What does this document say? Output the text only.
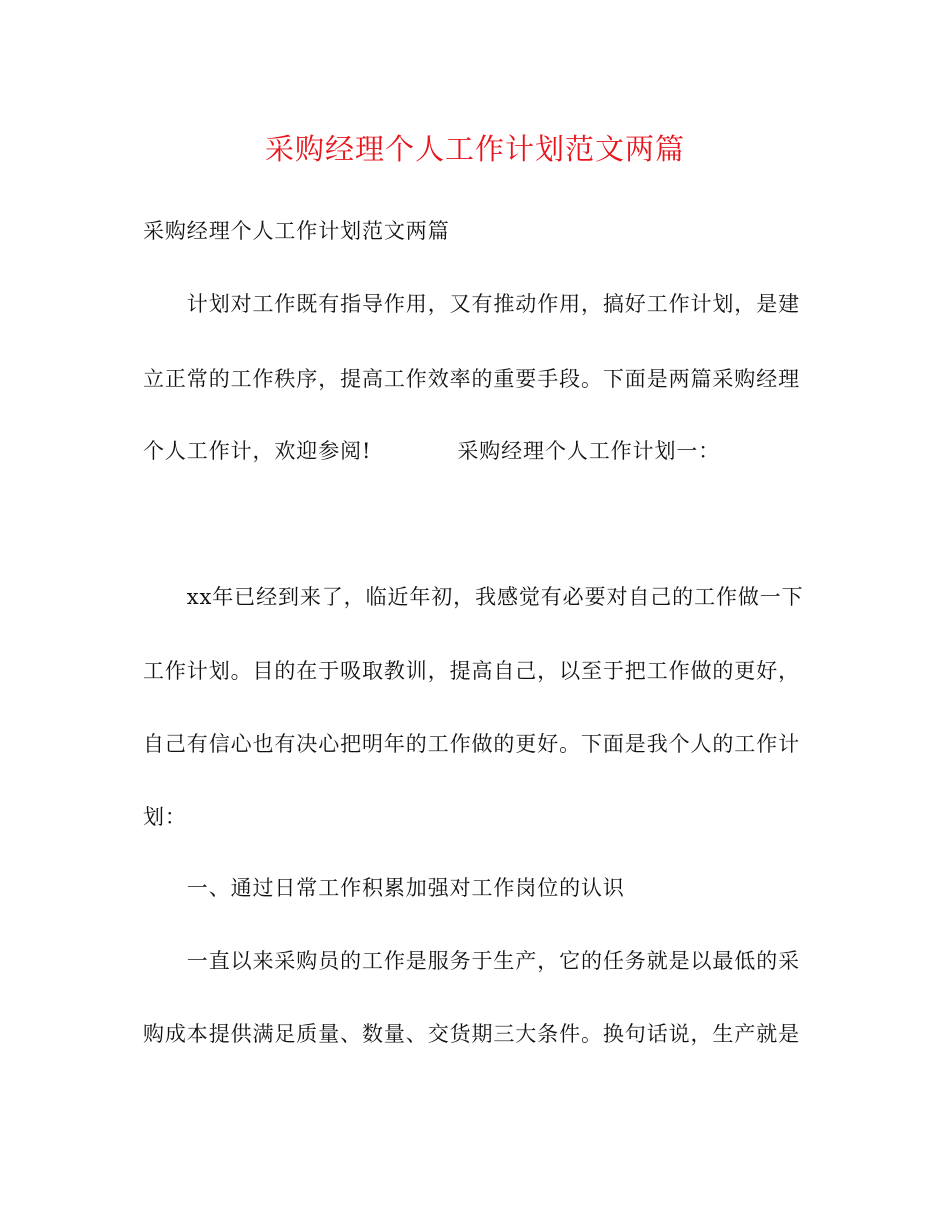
采购经理个人工作计划范文两篇
采购经理个人工作计划范文两篇
　　计划对工作既有指导作用，又有推动作用，搞好工作计划，是建
立正常的工作秩序，提高工作效率的重要手段。下面是两篇采购经理
个人工作计，欢迎参阅!	采购经理个人工作计划一：
　　xx年已经到来了，临近年初，我感觉有必要对自己的工作做一下
工作计划。目的在于吸取教训，提高自己，以至于把工作做的更好，
自己有信心也有决心把明年的工作做的更好。下面是我个人的工作计
划：
　　一、通过日常工作积累加强对工作岗位的认识
　　一直以来采购员的工作是服务于生产，它的任务就是以最低的采
购成本提供满足质量、数量、交货期三大条件。换句话说，生产就是
